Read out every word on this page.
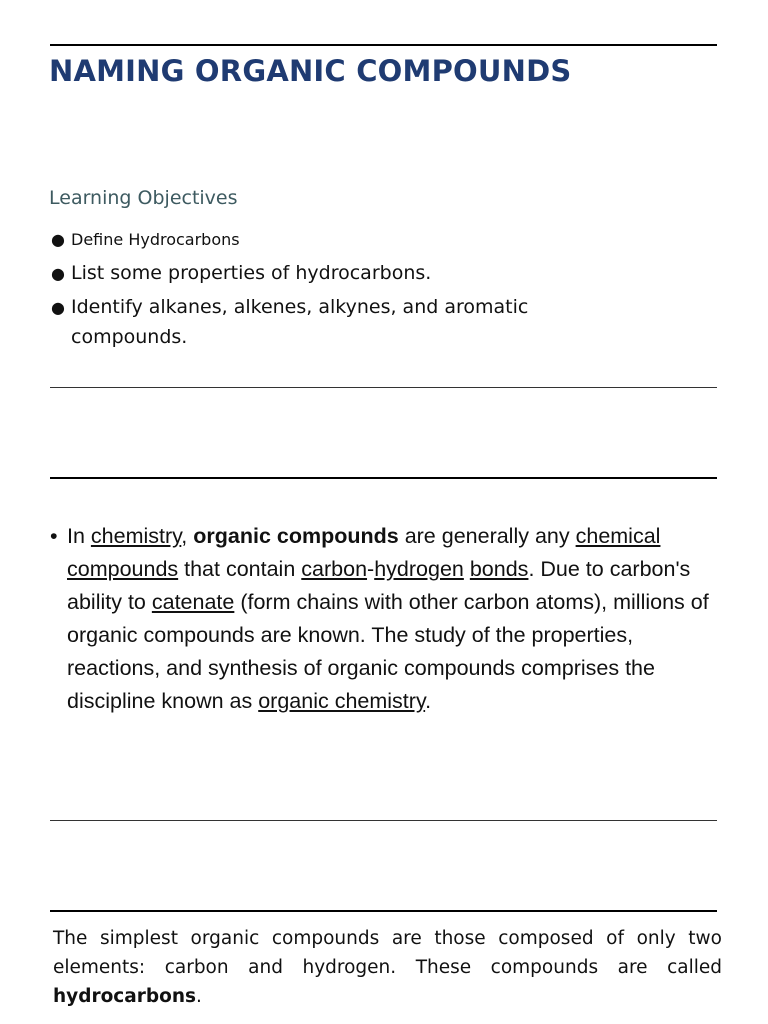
NAMING ORGANIC COMPOUNDS
Learning Objectives
● Define Hydrocarbons
● List some properties of hydrocarbons.
● Identify alkanes, alkenes, alkynes, and aromatic compounds.

• In chemistry, organic compounds are generally any chemical compounds that contain carbon-hydrogen bonds. Due to carbon's ability to catenate (form chains with other carbon atoms), millions of organic compounds are known. The study of the properties, reactions, and synthesis of organic compounds comprises the discipline known as organic chemistry.

The simplest organic compounds are those composed of only two elements: carbon and hydrogen. These compounds are called hydrocarbons.
